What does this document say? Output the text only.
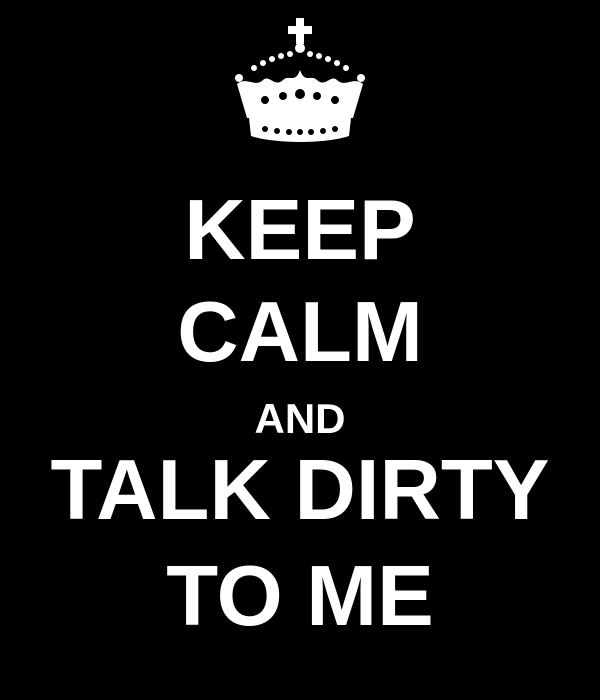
KEEP
CALM
AND
TALK DIRTY
TO ME
